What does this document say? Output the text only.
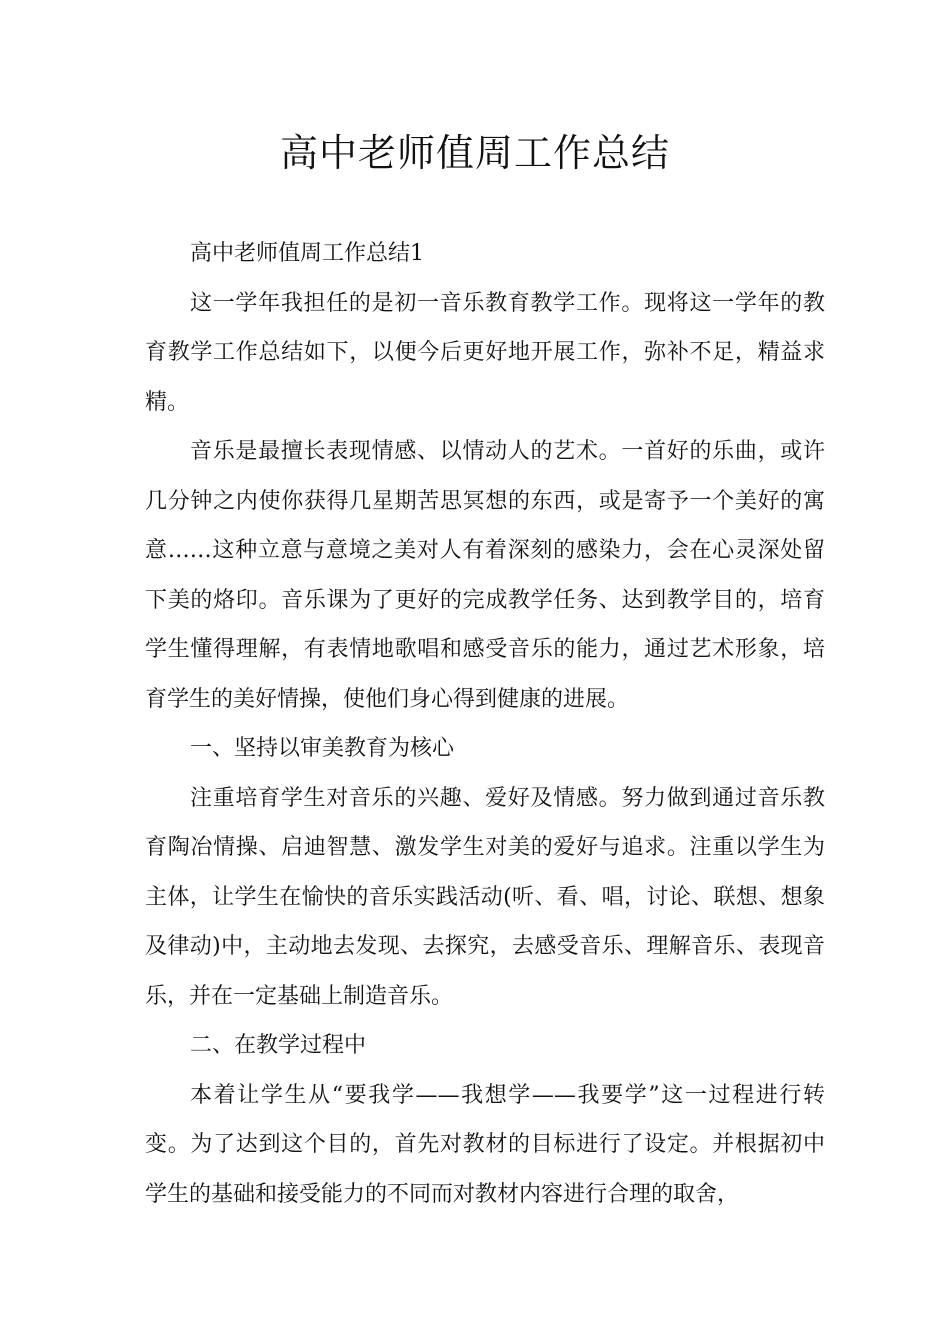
高中老师值周工作总结

高中老师值周工作总结1

这一学年我担任的是初一音乐教育教学工作。现将这一学年的教育教学工作总结如下，以便今后更好地开展工作，弥补不足，精益求精。

音乐是最擅长表现情感、以情动人的艺术。一首好的乐曲，或许几分钟之内使你获得几星期苦思冥想的东西，或是寄予一个美好的寓意……这种立意与意境之美对人有着深刻的感染力，会在心灵深处留下美的烙印。音乐课为了更好的完成教学任务、达到教学目的，培育学生懂得理解，有表情地歌唱和感受音乐的能力，通过艺术形象，培育学生的美好情操，使他们身心得到健康的进展。

一、坚持以审美教育为核心

注重培育学生对音乐的兴趣、爱好及情感。努力做到通过音乐教育陶冶情操、启迪智慧、激发学生对美的爱好与追求。注重以学生为主体，让学生在愉快的音乐实践活动(听、看、唱，讨论、联想、想象及律动)中，主动地去发现、去探究，去感受音乐、理解音乐、表现音乐，并在一定基础上制造音乐。

二、在教学过程中

本着让学生从“要我学——我想学——我要学”这一过程进行转变。为了达到这个目的，首先对教材的目标进行了设定。并根据初中学生的基础和接受能力的不同而对教材内容进行合理的取舍，
